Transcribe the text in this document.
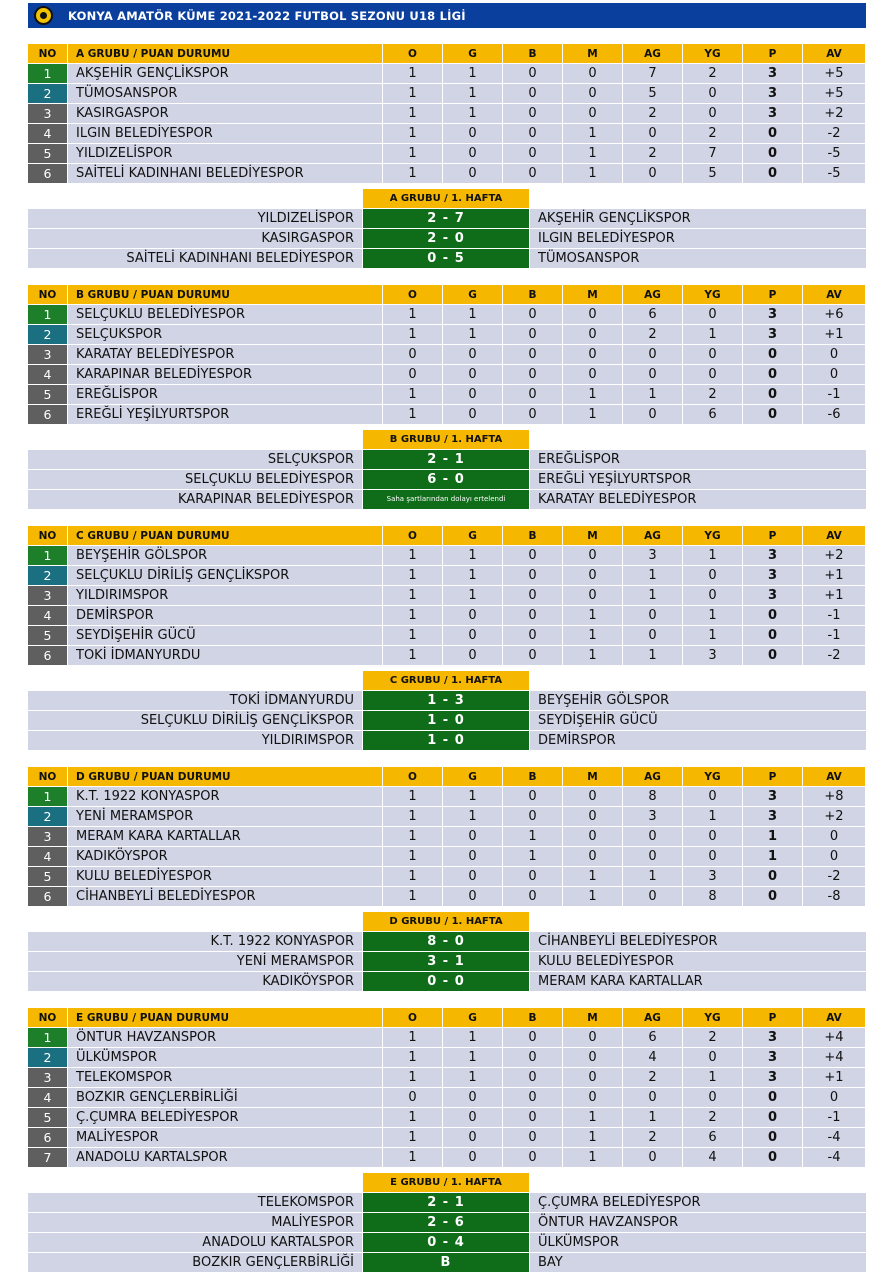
KONYA AMATÖR KÜME 2021-2022 FUTBOL SEZONU U18 LİGİ
NO	A GRUBU / PUAN DURUMU	O	G	B	M	AG	YG	P	AV
1	AKŞEHİR GENÇLİKSPOR	1	1	0	0	7	2	3	+5
2	TÜMOSANSPOR	1	1	0	0	5	0	3	+5
3	KASIRGASPOR	1	1	0	0	2	0	3	+2
4	ILGIN BELEDİYESPOR	1	0	0	1	0	2	0	-2
5	YILDIZELİSPOR	1	0	0	1	2	7	0	-5
6	SAİTELİ KADINHANI BELEDİYESPOR	1	0	0	1	0	5	0	-5
A GRUBU / 1. HAFTA
YILDIZELİSPOR	2 - 7	AKŞEHİR GENÇLİKSPOR
KASIRGASPOR	2 - 0	ILGIN BELEDİYESPOR
SAİTELİ KADINHANI BELEDİYESPOR	0 - 5	TÜMOSANSPOR
NO	B GRUBU / PUAN DURUMU	O	G	B	M	AG	YG	P	AV
1	SELÇUKLU BELEDİYESPOR	1	1	0	0	6	0	3	+6
2	SELÇUKSPOR	1	1	0	0	2	1	3	+1
3	KARATAY BELEDİYESPOR	0	0	0	0	0	0	0	0
4	KARAPINAR BELEDİYESPOR	0	0	0	0	0	0	0	0
5	EREĞLİSPOR	1	0	0	1	1	2	0	-1
6	EREĞLİ YEŞİLYURTSPOR	1	0	0	1	0	6	0	-6
B GRUBU / 1. HAFTA
SELÇUKSPOR	2 - 1	EREĞLİSPOR
SELÇUKLU BELEDİYESPOR	6 - 0	EREĞLİ YEŞİLYURTSPOR
KARAPINAR BELEDİYESPOR	Saha şartlarından dolayı ertelendi	KARATAY BELEDİYESPOR
NO	C GRUBU / PUAN DURUMU	O	G	B	M	AG	YG	P	AV
1	BEYŞEHİR GÖLSPOR	1	1	0	0	3	1	3	+2
2	SELÇUKLU DİRİLİŞ GENÇLİKSPOR	1	1	0	0	1	0	3	+1
3	YILDIRIMSPOR	1	1	0	0	1	0	3	+1
4	DEMİRSPOR	1	0	0	1	0	1	0	-1
5	SEYDİŞEHİR GÜCÜ	1	0	0	1	0	1	0	-1
6	TOKİ İDMANYURDU	1	0	0	1	1	3	0	-2
C GRUBU / 1. HAFTA
TOKİ İDMANYURDU	1 - 3	BEYŞEHİR GÖLSPOR
SELÇUKLU DİRİLİŞ GENÇLİKSPOR	1 - 0	SEYDİŞEHİR GÜCÜ
YILDIRIMSPOR	1 - 0	DEMİRSPOR
NO	D GRUBU / PUAN DURUMU	O	G	B	M	AG	YG	P	AV
1	K.T. 1922 KONYASPOR	1	1	0	0	8	0	3	+8
2	YENİ MERAMSPOR	1	1	0	0	3	1	3	+2
3	MERAM KARA KARTALLAR	1	0	1	0	0	0	1	0
4	KADIKÖYSPOR	1	0	1	0	0	0	1	0
5	KULU BELEDİYESPOR	1	0	0	1	1	3	0	-2
6	CİHANBEYLİ BELEDİYESPOR	1	0	0	1	0	8	0	-8
D GRUBU / 1. HAFTA
K.T. 1922 KONYASPOR	8 - 0	CİHANBEYLİ BELEDİYESPOR
YENİ MERAMSPOR	3 - 1	KULU BELEDİYESPOR
KADIKÖYSPOR	0 - 0	MERAM KARA KARTALLAR
NO	E GRUBU / PUAN DURUMU	O	G	B	M	AG	YG	P	AV
1	ÖNTUR HAVZANSPOR	1	1	0	0	6	2	3	+4
2	ÜLKÜMSPOR	1	1	0	0	4	0	3	+4
3	TELEKOMSPOR	1	1	0	0	2	1	3	+1
4	BOZKIR GENÇLERBİRLİĞİ	0	0	0	0	0	0	0	0
5	Ç.ÇUMRA BELEDİYESPOR	1	0	0	1	1	2	0	-1
6	MALİYESPOR	1	0	0	1	2	6	0	-4
7	ANADOLU KARTALSPOR	1	0	0	1	0	4	0	-4
E GRUBU / 1. HAFTA
TELEKOMSPOR	2 - 1	Ç.ÇUMRA BELEDİYESPOR
MALİYESPOR	2 - 6	ÖNTUR HAVZANSPOR
ANADOLU KARTALSPOR	0 - 4	ÜLKÜMSPOR
BOZKIR GENÇLERBİRLİĞİ	B	BAY
